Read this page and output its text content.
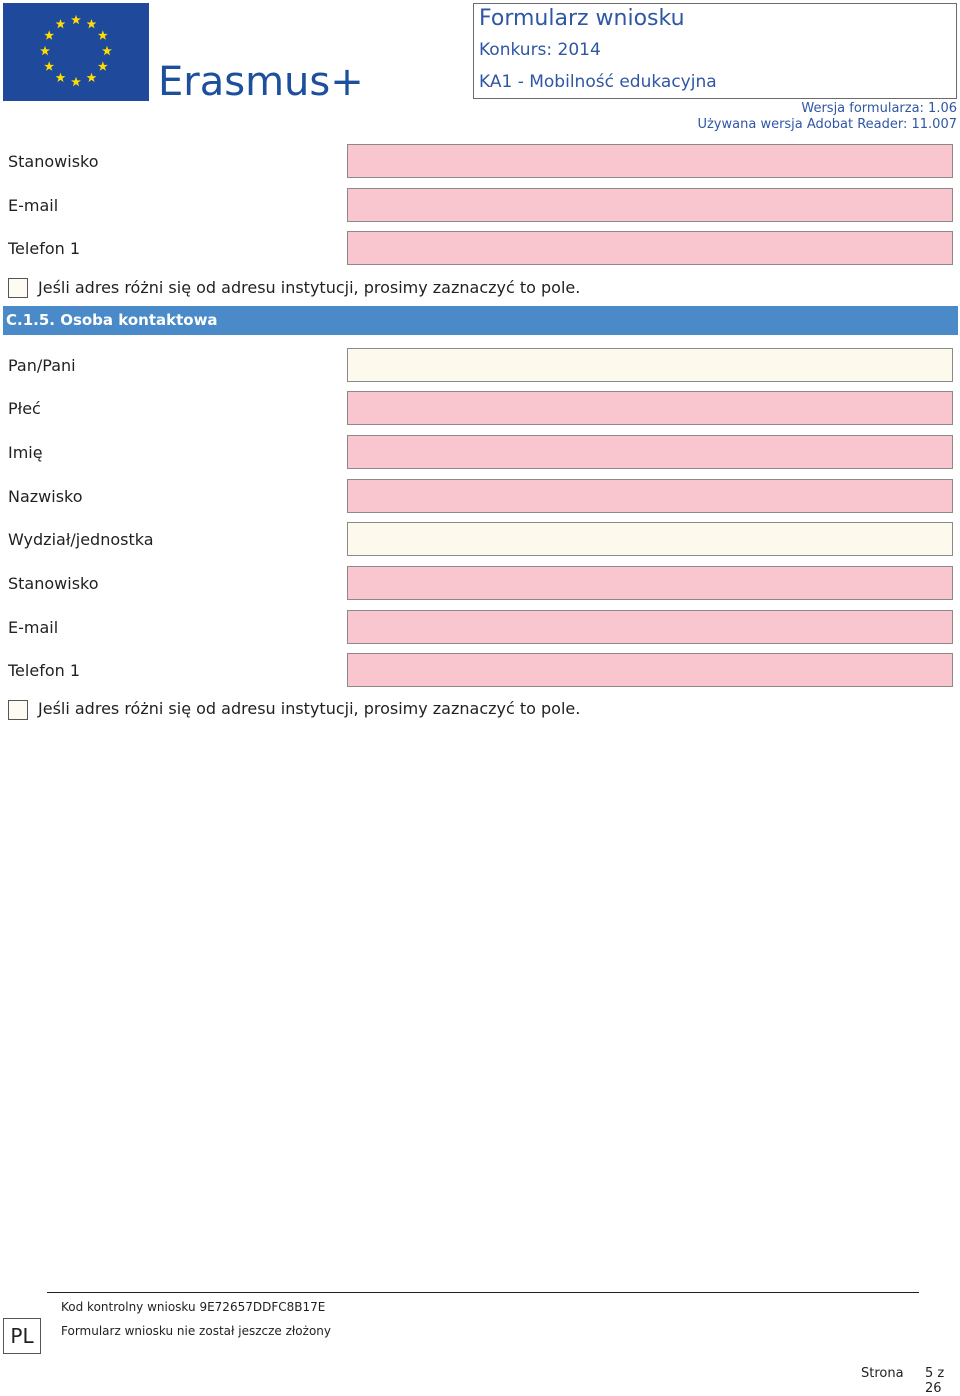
Erasmus+
Formularz wniosku
Konkurs: 2014
KA1 - Mobilność edukacyjna
Wersja formularza: 1.06
Używana wersja Adobat Reader: 11.007
Stanowisko
E-mail
Telefon 1
Jeśli adres różni się od adresu instytucji, prosimy zaznaczyć to pole.
C.1.5. Osoba kontaktowa
Pan/Pani
Płeć
Imię
Nazwisko
Wydział/jednostka
Stanowisko
E-mail
Telefon 1
Jeśli adres różni się od adresu instytucji, prosimy zaznaczyć to pole.
PL
Kod kontrolny wniosku 9E72657DDFC8B17E
Formularz wniosku nie został jeszcze złożony
Strona 5 z 26
